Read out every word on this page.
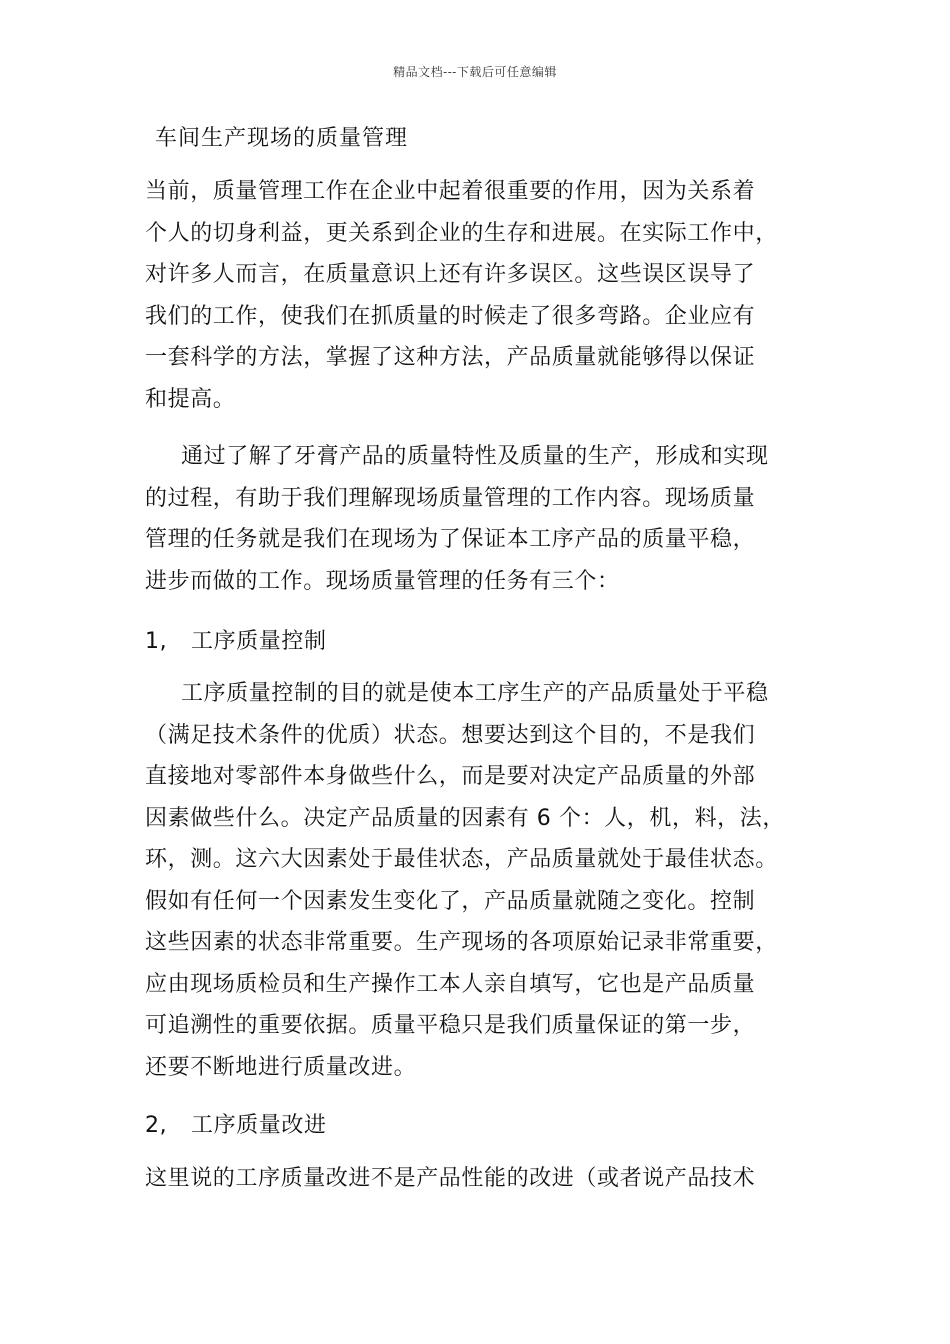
精品文档---下载后可任意编辑
车间生产现场的质量管理

当前，质量管理工作在企业中起着很重要的作用，因为关系着
个人的切身利益，更关系到企业的生存和进展。在实际工作中，
对许多人而言，在质量意识上还有许多误区。这些误区误导了
我们的工作，使我们在抓质量的时候走了很多弯路。企业应有
一套科学的方法，掌握了这种方法，产品质量就能够得以保证
和提高。

通过了解了牙膏产品的质量特性及质量的生产，形成和实现
的过程，有助于我们理解现场质量管理的工作内容。现场质量
管理的任务就是我们在现场为了保证本工序产品的质量平稳，
进步而做的工作。现场质量管理的任务有三个：

1, 工序质量控制

工序质量控制的目的就是使本工序生产的产品质量处于平稳
（满足技术条件的优质）状态。想要达到这个目的，不是我们
直接地对零部件本身做些什么，而是要对决定产品质量的外部
因素做些什么。决定产品质量的因素有 6 个：人，机，料，法，
环，测。这六大因素处于最佳状态，产品质量就处于最佳状态。
假如有任何一个因素发生变化了，产品质量就随之变化。控制
这些因素的状态非常重要。生产现场的各项原始记录非常重要，
应由现场质检员和生产操作工本人亲自填写，它也是产品质量
可追溯性的重要依据。质量平稳只是我们质量保证的第一步，
还要不断地进行质量改进。

2, 工序质量改进

这里说的工序质量改进不是产品性能的改进（或者说产品技术
